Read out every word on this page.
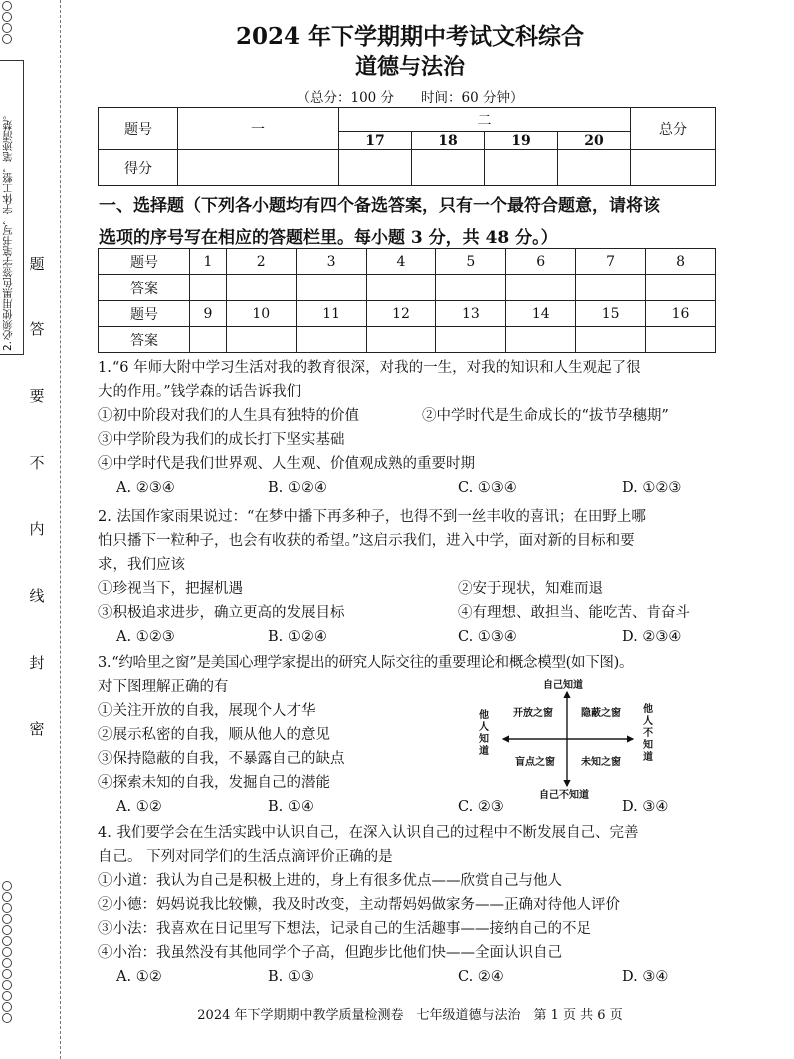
2.必须使用黑色签字笔书写，字体工整，笔迹清楚。 题
答
要
不
内
线
封
密
2024 年下学期期中考试文科综合
道德与法治
（总分：100 分　　时间：60 分钟）
题号	一	二				总分
		17	18	19	20	
得分						
一、选择题（下列各小题均有四个备选答案，只有一个最符合题意，请将该
选项的序号写在相应的答题栏里。每小题 3 分，共 48 分。）
题号	1	2	3	4	5	6	7	8
答案								
题号	9	10	11	12	13	14	15	16
答案								
1.“6 年师大附中学习生活对我的教育很深，对我的一生，对我的知识和人生观起了很
大的作用。”钱学森的话告诉我们
①初中阶段对我们的人生具有独特的价值	②中学时代是生命成长的“拔节孕穗期”
③中学阶段为我们的成长打下坚实基础
④中学时代是我们世界观、人生观、价值观成熟的重要时期
A. ②③④	B. ①②④	C. ①③④	D. ①②③
2. 法国作家雨果说过：“在梦中播下再多种子，也得不到一丝丰收的喜讯；在田野上哪
怕只播下一粒种子，也会有收获的希望。”这启示我们，进入中学，面对新的目标和要
求，我们应该
①珍视当下，把握机遇	②安于现状，知难而退
③积极追求进步，确立更高的发展目标	④有理想、敢担当、能吃苦、肯奋斗
A. ①②③	B. ①②④	C. ①③④	D. ②③④
3.“约哈里之窗”是美国心理学家提出的研究人际交往的重要理论和概念模型(如下图)。
对下图理解正确的有
①关注开放的自我，展现个人才华
②展示私密的自我，顺从他人的意见
③保持隐蔽的自我，不暴露自己的缺点
④探索未知的自我，发掘自己的潜能
A. ①②	B. ①④	C. ②③	D. ③④
自己知道
自己不知道
他人知道
他人不知道
开放之窗	隐蔽之窗
盲点之窗	未知之窗
4. 我们要学会在生活实践中认识自己，在深入认识自己的过程中不断发展自己、完善
自己。 下列对同学们的生活点滴评价正确的是
①小道：我认为自己是积极上进的，身上有很多优点——欣赏自己与他人
②小德：妈妈说我比较懒，我及时改变，主动帮妈妈做家务——正确对待他人评价
③小法：我喜欢在日记里写下想法，记录自己的生活趣事——接纳自己的不足
④小治：我虽然没有其他同学个子高，但跑步比他们快——全面认识自己
A. ①②	B. ①③	C. ②④	D. ③④
2024 年下学期期中教学质量检测卷　七年级道德与法治　第 1 页 共 6 页
